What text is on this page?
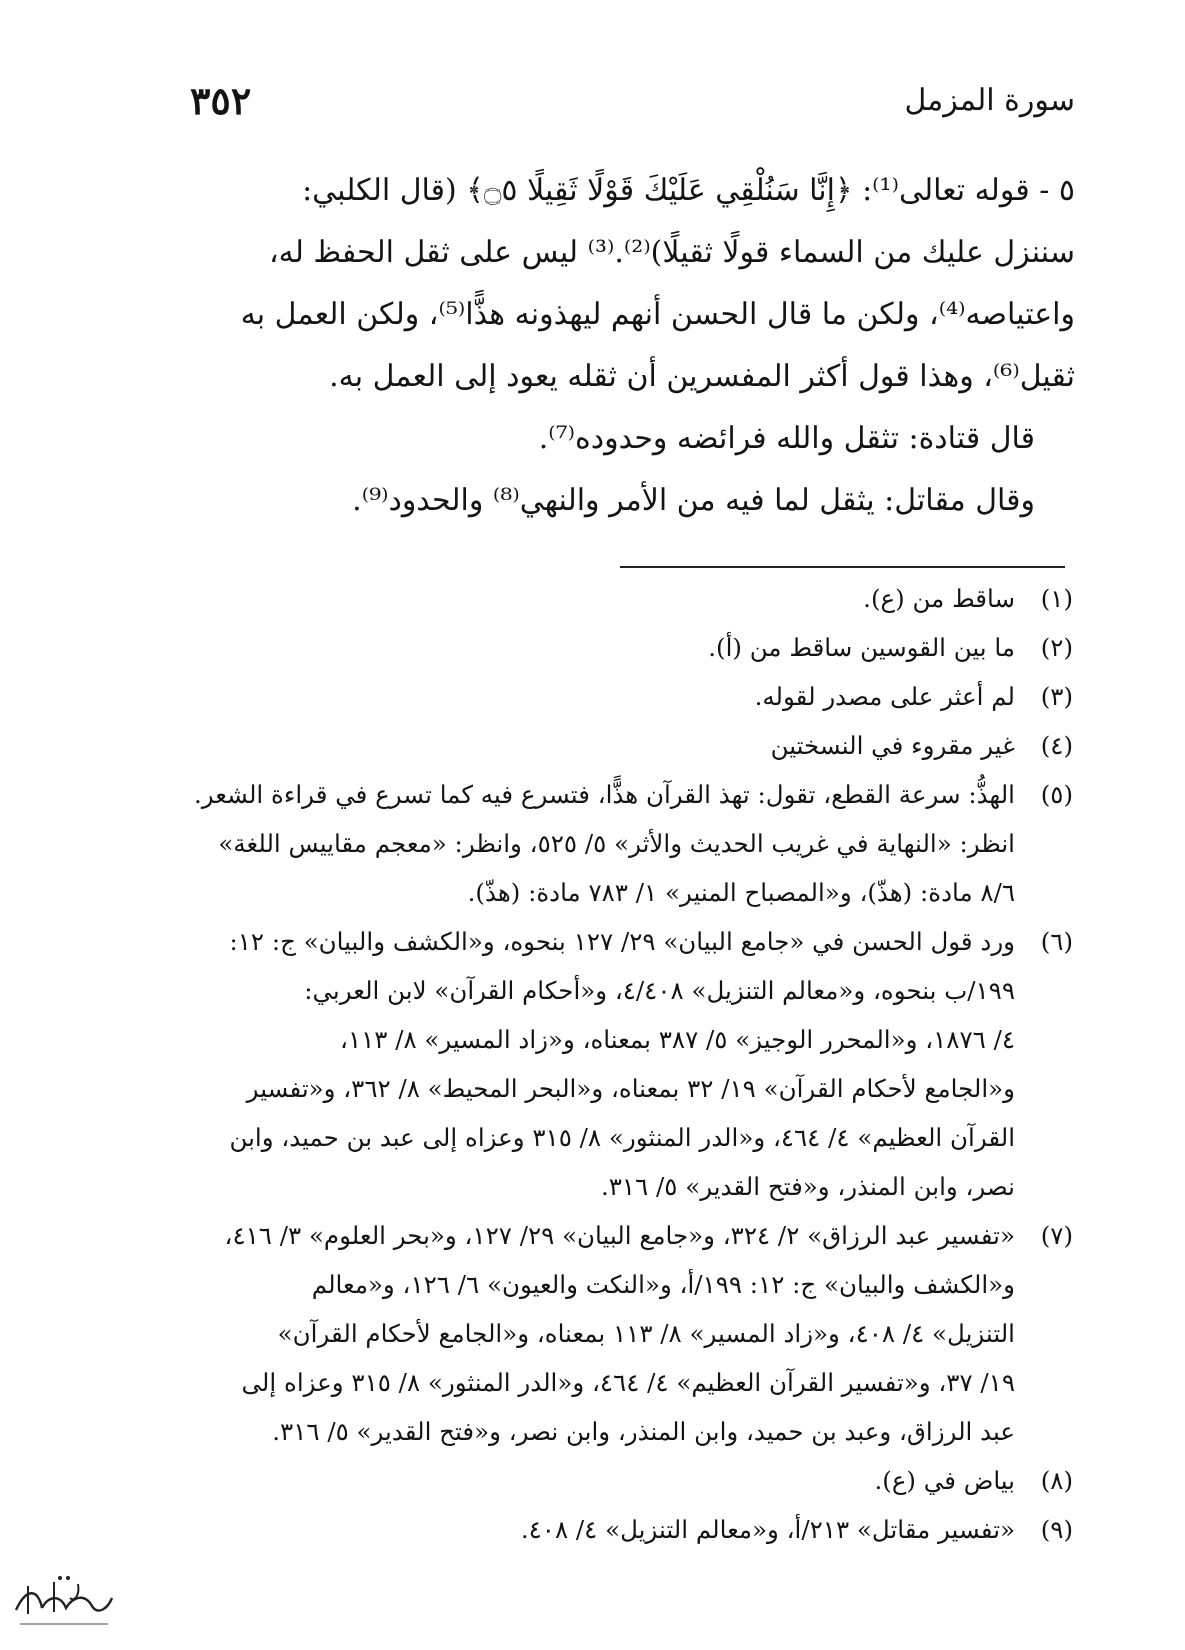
سورة المزمل
٣٥٢

٥ - قوله تعالى⁽¹⁾: ﴿إِنَّا سَنُلْقِي عَلَيْكَ قَوْلًا ثَقِيلًا ۝٥﴾ (قال الكلبي:

سننزل عليك من السماء قولًا ثقيلًا)⁽²⁾.⁽³⁾ ليس على ثقل الحفظ له،

واعتياصه⁽⁴⁾، ولكن ما قال الحسن أنهم ليهذونه هذًّا⁽⁵⁾، ولكن العمل به

ثقيل⁽⁶⁾، وهذا قول أكثر المفسرين أن ثقله يعود إلى العمل به.

قال قتادة: تثقل والله فرائضه وحدوده⁽⁷⁾.

وقال مقاتل: يثقل لما فيه من الأمر والنهي⁽⁸⁾ والحدود⁽⁹⁾.

(١)
ساقط من (ع).
(٢)
ما بين القوسين ساقط من (أ).
(٣)
لم أعثر على مصدر لقوله.
(٤)
غير مقروء في النسختين
(٥)
الهذُّ: سرعة القطع، تقول: تهذ القرآن هذًّا، فتسرع فيه كما تسرع في قراءة الشعر.
انظر: «النهاية في غريب الحديث والأثر» ٥/ ٥٢٥، وانظر: «معجم مقاييس اللغة»
٨/٦ مادة: (هذّ)، و«المصباح المنير» ١/ ٧٨٣ مادة: (هذّ).
(٦)
ورد قول الحسن في «جامع البيان» ٢٩/ ١٢٧ بنحوه، و«الكشف والبيان» ج: ١٢:
١٩٩/ب بنحوه، و«معالم التنزيل» ٤/٤٠٨، و«أحكام القرآن» لابن العربي:
٤/ ١٨٧٦، و«المحرر الوجيز» ٥/ ٣٨٧ بمعناه، و«زاد المسير» ٨/ ١١٣،
و«الجامع لأحكام القرآن» ١٩/ ٣٢ بمعناه، و«البحر المحيط» ٨/ ٣٦٢، و«تفسير
القرآن العظيم» ٤/ ٤٦٤، و«الدر المنثور» ٨/ ٣١٥ وعزاه إلى عبد بن حميد، وابن
نصر، وابن المنذر، و«فتح القدير» ٥/ ٣١٦.
(٧)
«تفسير عبد الرزاق» ٢/ ٣٢٤، و«جامع البيان» ٢٩/ ١٢٧، و«بحر العلوم» ٣/ ٤١٦،
و«الكشف والبيان» ج: ١٢: ١٩٩/أ، و«النكت والعيون» ٦/ ١٢٦، و«معالم
التنزيل» ٤/ ٤٠٨، و«زاد المسير» ٨/ ١١٣ بمعناه، و«الجامع لأحكام القرآن»
١٩/ ٣٧، و«تفسير القرآن العظيم» ٤/ ٤٦٤، و«الدر المنثور» ٨/ ٣١٥ وعزاه إلى
عبد الرزاق، وعبد بن حميد، وابن المنذر، وابن نصر، و«فتح القدير» ٥/ ٣١٦.
(٨)
بياض في (ع).
(٩)
«تفسير مقاتل» ٢١٣/أ، و«معالم التنزيل» ٤/ ٤٠٨.
